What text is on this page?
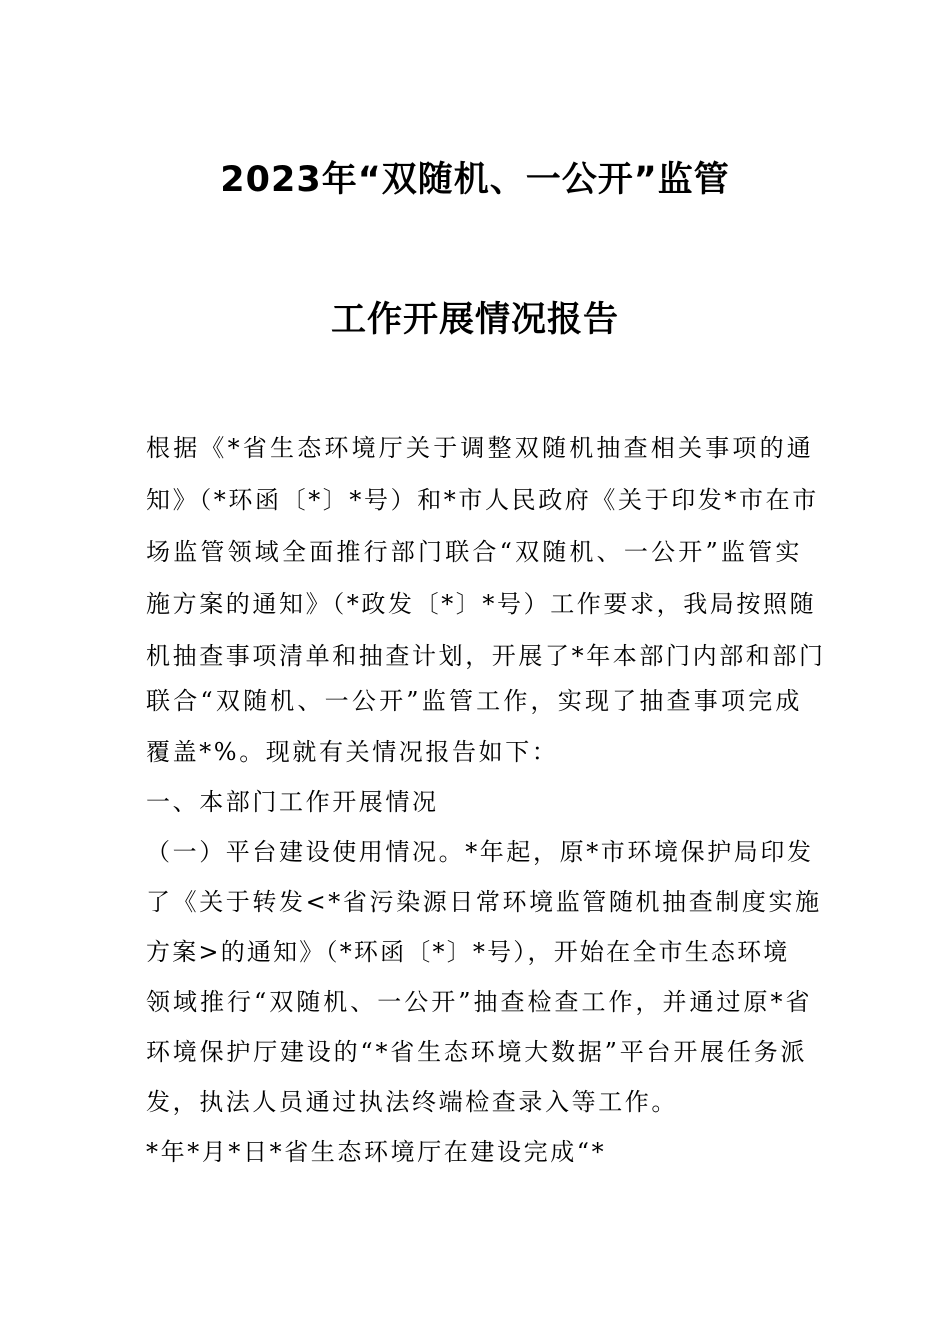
2023年“双随机、一公开”监管
工作开展情况报告

根据《*省生态环境厅关于调整双随机抽查相关事项的通

知》（*环函〔*〕*号）和*市人民政府《关于印发*市在市

场监管领域全面推行部门联合“双随机、一公开”监管实

施方案的通知》（*政发〔*〕*号）工作要求，我局按照随

机抽查事项清单和抽查计划，开展了*年本部门内部和部门

联合“双随机、一公开”监管工作，实现了抽查事项完成

覆盖*%。现就有关情况报告如下：

一、本部门工作开展情况

（一）平台建设使用情况。*年起，原*市环境保护局印发

了《关于转发<*省污染源日常环境监管随机抽查制度实施

方案>的通知》（*环函〔*〕*号），开始在全市生态环境

领域推行“双随机、一公开”抽查检查工作，并通过原*省

环境保护厅建设的“*省生态环境大数据”平台开展任务派

发，执法人员通过执法终端检查录入等工作。

*年*月*日*省生态环境厅在建设完成“*
